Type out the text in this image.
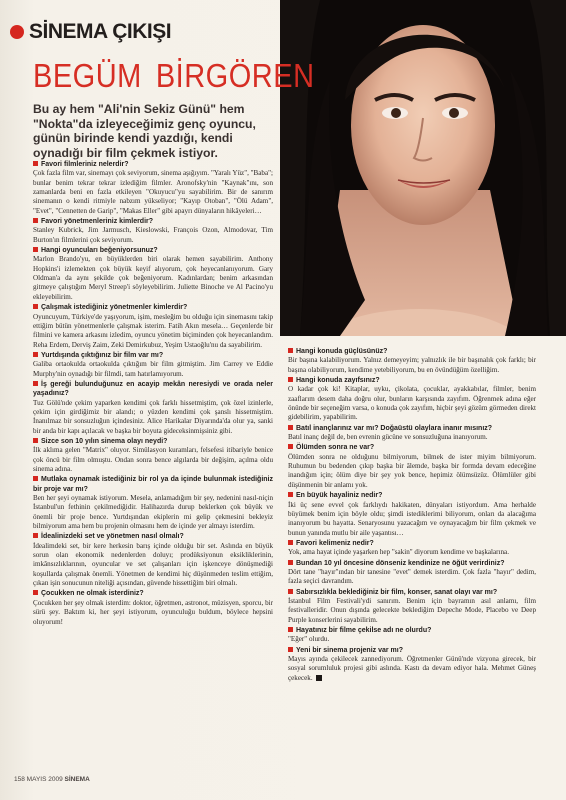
SİNEMA ÇIKIŞI
BEGÜM BİRGÖREN
Bu ay hem "Ali'nin Sekiz Günü" hem "Nokta"da izleyeceğimiz genç oyuncu, günün birinde kendi yazdığı, kendi oynadığı bir film çekmek istiyor.
Favori filmleriniz nelerdir?
Çok fazla film var, sinemayı çok seviyorum, sinema aşığıyım. "Yaralı Yüz", "Baba"; bunlar benim tekrar tekrar izlediğim filmler. Aronofsky'nin "Kaynak"ını, son zamanlarda beni en fazla etkileyen "Okuyucu"yu sayabilirim. Bir de sanırım sinemanın o kendi ritmiyle nabzım yükseliyor; "Kayıp Otoban", "Ölü Adam", "Evet", "Cennetten de Garip", "Makas Eller" gibi apayrı dünyaların hikâyeleri…
Favori yönetmenleriniz kimlerdir?
Stanley Kubrick, Jim Jarmusch, Kieslowski, François Ozon, Almodovar, Tim Burton'ın filmlerini çok seviyorum.
Hangi oyuncuları beğeniyorsunuz?
Marlon Brando'yu, en büyüklerden biri olarak hemen sayabilirim. Anthony Hopkins'i izlemekten çok büyük keyif alıyorum, çok heyecanlanıyorum. Gary Oldman'a da aynı şekilde çok beğeniyorum. Kadınlardan; benim arkasından gitmeye çalıştığım Meryl Streep'i söyleyebilirim. Juliette Binoche ve Al Pacino'yu ekleyebilirim.
Çalışmak istediğiniz yönetmenler kimlerdir?
Oyuncuyum, Türkiye'de yaşıyorum, işim, mesleğim bu olduğu için sinemasını takip ettiğim bütün yönetmenlerle çalışmak isterim. Fatih Akın mesela… Geçenlerde bir filmini ve kamera arkasını izledim, oyuncu yönetim biçiminden çok heyecanlandım. Reha Erdem, Derviş Zaim, Zeki Demirkubuz, Yeşim Ustaoğlu'nu da sayabilirim.
Yurtdışında çıktığınız bir film var mı?
Galiba ortaokulda ortaokulda çıktığım bir film gitmiştim. Jim Carrey ve Eddie Murphy'nin oynadığı bir filmdi, tam hatırlamıyorum.
İş gereği bulunduğunuz en acayip mekân neresiydi ve orada neler yaşadınız?
Tuz Gölü'nde çekim yaparken kendimi çok farklı hissetmiştim, çok özel izinlerle, çekim için girdiğimiz bir alandı; o yüzden kendimi çok şanslı hissetmiştim. İnanılmaz bir sonsuzluğun içindesiniz. Alice Harikalar Diyarında'da olur ya, sanki bir anda bir kapı açılacak ve başka bir boyuta gideceksinmişsiniz gibi.
Sizce son 10 yılın sinema olayı neydi?
İlk aklıma gelen "Matrix" oluyor. Simülasyon kuramları, felsefesi itibariyle benice çok öncü bir film olmuştu. Ondan sonra bence algılarda bir değişim, açılma oldu sinema adına.
Mutlaka oynamak istediğiniz bir rol ya da içinde bulunmak istediğiniz bir proje var mı?
Ben her şeyi oynamak istiyorum. Mesela, anlamadığım bir şey, nedenini nasıl-niçin İstanbul'un fethinin çekilmediğidir. Halihazırda durup beklerken çok büyük ve önemli bir proje bence. Yurtdışından ekiplerin mi gelip çekmesini bekleyiz bilmiyorum ama hem bu projenin olmasını hem de içinde yer almayı isterdim.
İdealinizdeki set ve yönetmen nasıl olmalı?
İdealimdeki set, bir kere herkesin barış içinde olduğu bir set. Aslında en büyük sorun olan ekonomik nedenlerden doluyı; prodüksiyonun eksikliklerinin, imkânsızlıklarının, oyuncular ve set çalışanları için işkenceye dönüşmediği koşullarda çalışmak önemli. Yönetmen de kendimi hiç düşünmeden teslim ettiğim, çıkan işin sonucunun niteliği açısından, güvende hissettiğim biri olmalı.
Çocukken ne olmak isterdiniz?
Çocukken her şey olmak isterdim: doktor, öğretmen, astronot, müzisyen, sporcu, bir sürü şey. Baktım ki, her şeyi istiyorum, oyunculuğu buldum, böylece hepsini oluyorum!
Hangi konuda güçlüsünüz?
Bir başına kalabiliyorum. Yalnız demeyeyim; yalnızlık ile bir başınalık çok farklı; bir başına olabiliyorum, kendime yetebiliyorum, bu en övündüğüm özelliğim.
Hangi konuda zayıfsınız?
O kadar çok ki! Kitaplar, uyku, çikolata, çocuklar, ayakkabılar, filmler, benim zaaflarım desem daha doğru olur, bunların karşısında zayıfım. Öğrenmek adına eğer önünde bir seçeneğim varsa, o konuda çok zayıfım, hiçbir şeyi gözüm görmeden direkt gidebilirim, yapabilirim.
Batıl inançlarınız var mı? Doğaüstü olaylara inanır mısınız?
Batıl inanç değil de, ben evrenin gücüne ve sonsuzluğuna inanıyorum.
Ölümden sonra ne var?
Ölümden sonra ne olduğunu bilmiyorum, bilmek de ister miyim bilmiyorum. Ruhumun bu bedenden çıkıp başka bir âlemde, başka bir formda devam edeceğine inandığım için; ölüm diye bir şey yok bence, hepimiz ölümsüzüz. Ölümlüler gibi düşünmenin bir anlamı yok.
En büyük hayaliniz nedir?
İki üç sene evvel çok farklıydı hakikaten, dünyaları istiyordum. Ama herhalde büyümek benim için böyle oldu; şimdi istediklerimi biliyorum, onları da alacağıma inanıyorum bu hayatta. Senaryosunu yazacağım ve oynayacağım bir film çekmek ve bunun yanında mutlu bir aile yaşantısı…
Favori kelimeniz nedir?
Yok, ama hayat içinde yaşarken hep "sakin" diyorum kendime ve başkalarına.
Bundan 10 yıl öncesine dönseniz kendinize ne öğüt verirdiniz?
Dört tane "hayır"ından bir tanesine "evet" demek isterdim. Çok fazla "hayır" dedim, fazla seçici davrandım.
Sabırsızlıkla beklediğiniz bir film, konser, sanat olayı var mı?
İstanbul Film Festivali'ydi sanırım. Benim için bayramın asıl anlamı, film festivalleridir. Onun dışında gelecekte beklediğim Depeche Mode, Placebo ve Deep Purple konserlerini sayabilirim.
Hayatınız bir filme çekilse adı ne olurdu?
"Eğer" olurdu.
Yeni bir sinema projeniz var mı?
Mayıs ayında çekilecek zannediyorum. Öğretmenler Günü'nde vizyona girecek, bir sosyal sorumluluk projesi gibi aslında. Kastı da devam ediyor hala. Mehmet Güneş çekecek.
158 MAYIS 2009 SİNEMA
